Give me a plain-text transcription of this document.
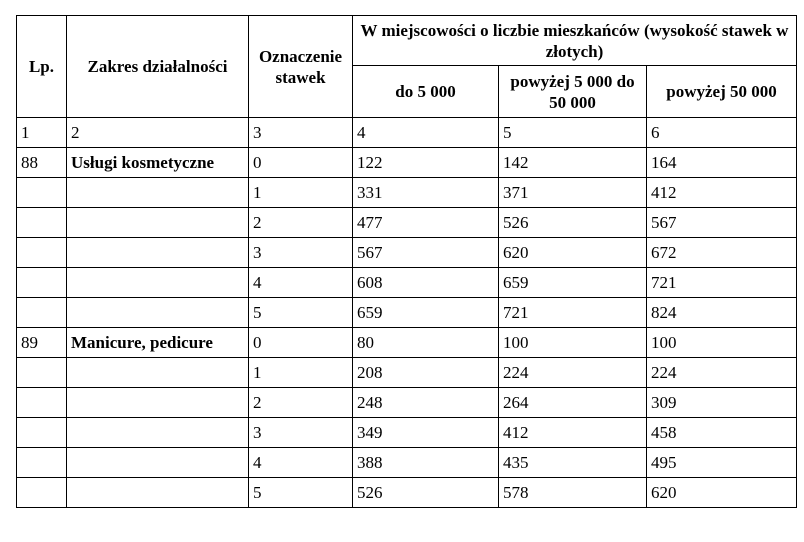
Lp.	Zakres działalności	Oznaczenie stawek	W miejscowości o liczbie mieszkańców (wysokość stawek w złotych)		
			do 5 000	powyżej 5 000 do 50 000	powyżej 50 000
1	2	3	4	5	6
88	Usługi kosmetyczne	0	122	142	164
		1	331	371	412
		2	477	526	567
		3	567	620	672
		4	608	659	721
		5	659	721	824
89	Manicure, pedicure	0	80	100	100
		1	208	224	224
		2	248	264	309
		3	349	412	458
		4	388	435	495
		5	526	578	620
